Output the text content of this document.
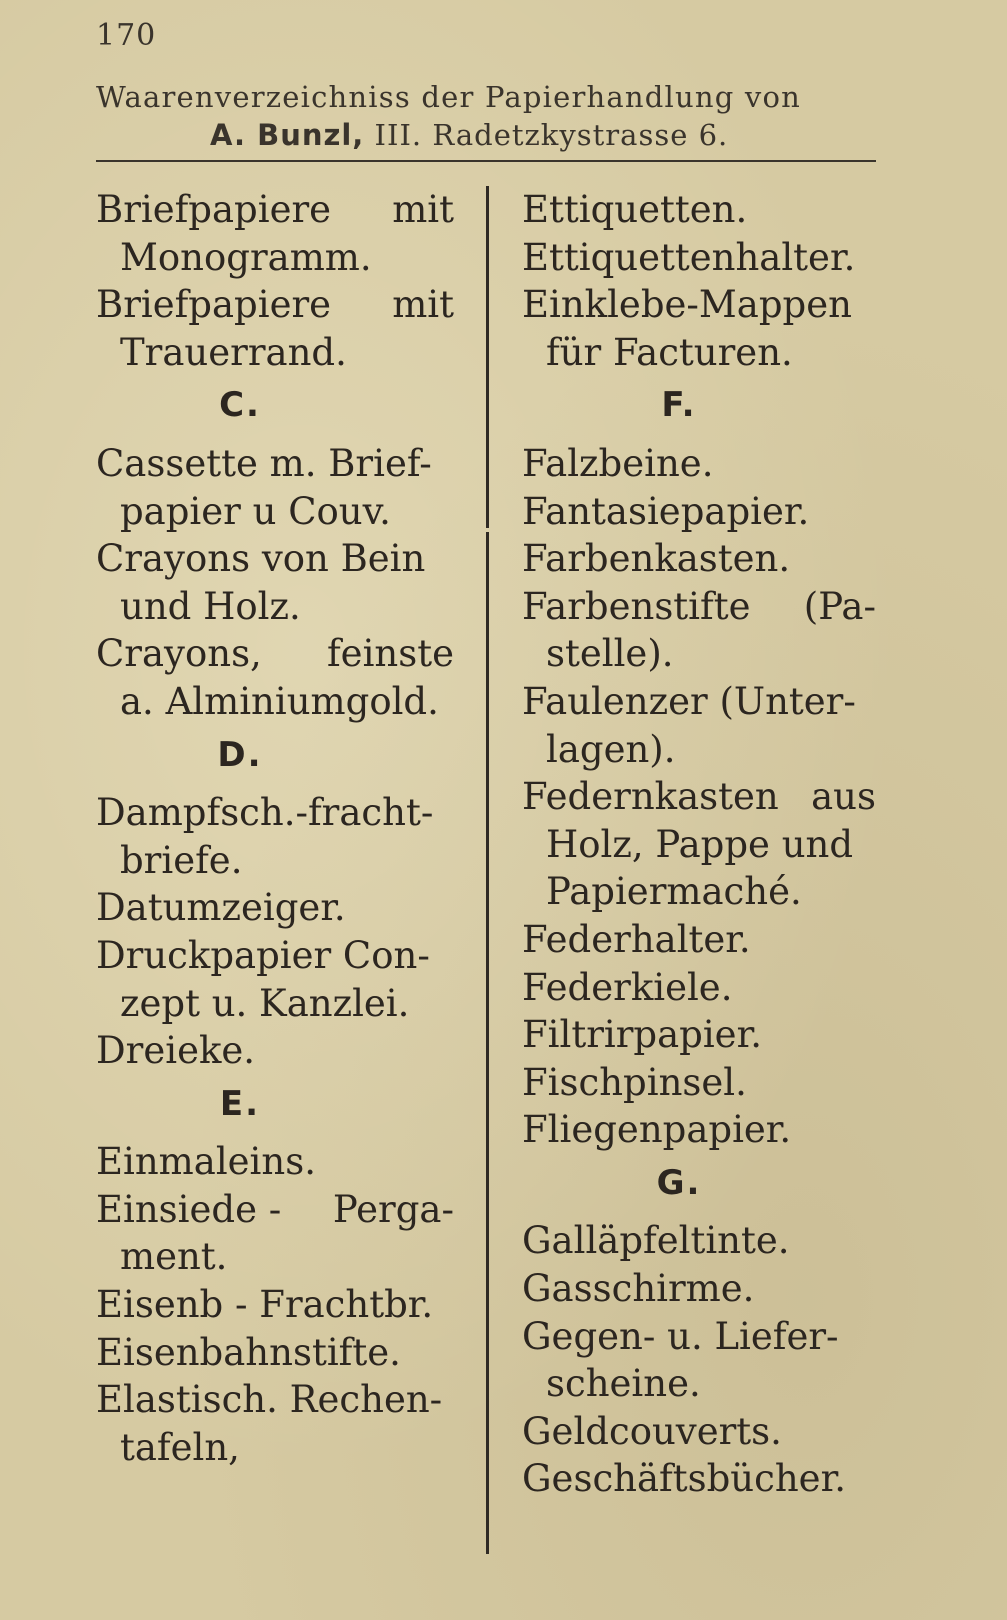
170
Waarenverzeichniss der Papierhandlung von
A. Bunzl, III. Radetzkystrasse 6.
Briefpapiere mit
Monogramm.
Briefpapiere mit
Trauerrand.
C.
Cassette m. Brief-
papier u Couv.
Crayons von Bein
und Holz.
Crayons, feinste
a. Alminiumgold.
D.
Dampfsch.-fracht-
briefe.
Datumzeiger.
Druckpapier Con-
zept u. Kanzlei.
Dreieke.
E.
Einmaleins.
Einsiede - Perga-
ment.
Eisenb - Frachtbr.
Eisenbahnstifte.
Elastisch. Rechen-
tafeln,
Ettiquetten.
Ettiquettenhalter.
Einklebe-Mappen
für Facturen.
F.
Falzbeine.
Fantasiepapier.
Farbenkasten.
Farbenstifte (Pa-
stelle).
Faulenzer (Unter-
lagen).
Federnkasten aus
Holz, Pappe und
Papiermaché.
Federhalter.
Federkiele.
Filtrirpapier.
Fischpinsel.
Fliegenpapier.
G.
Galläpfeltinte.
Gasschirme.
Gegen- u. Liefer-
scheine.
Geldcouverts.
Geschäftsbücher.
